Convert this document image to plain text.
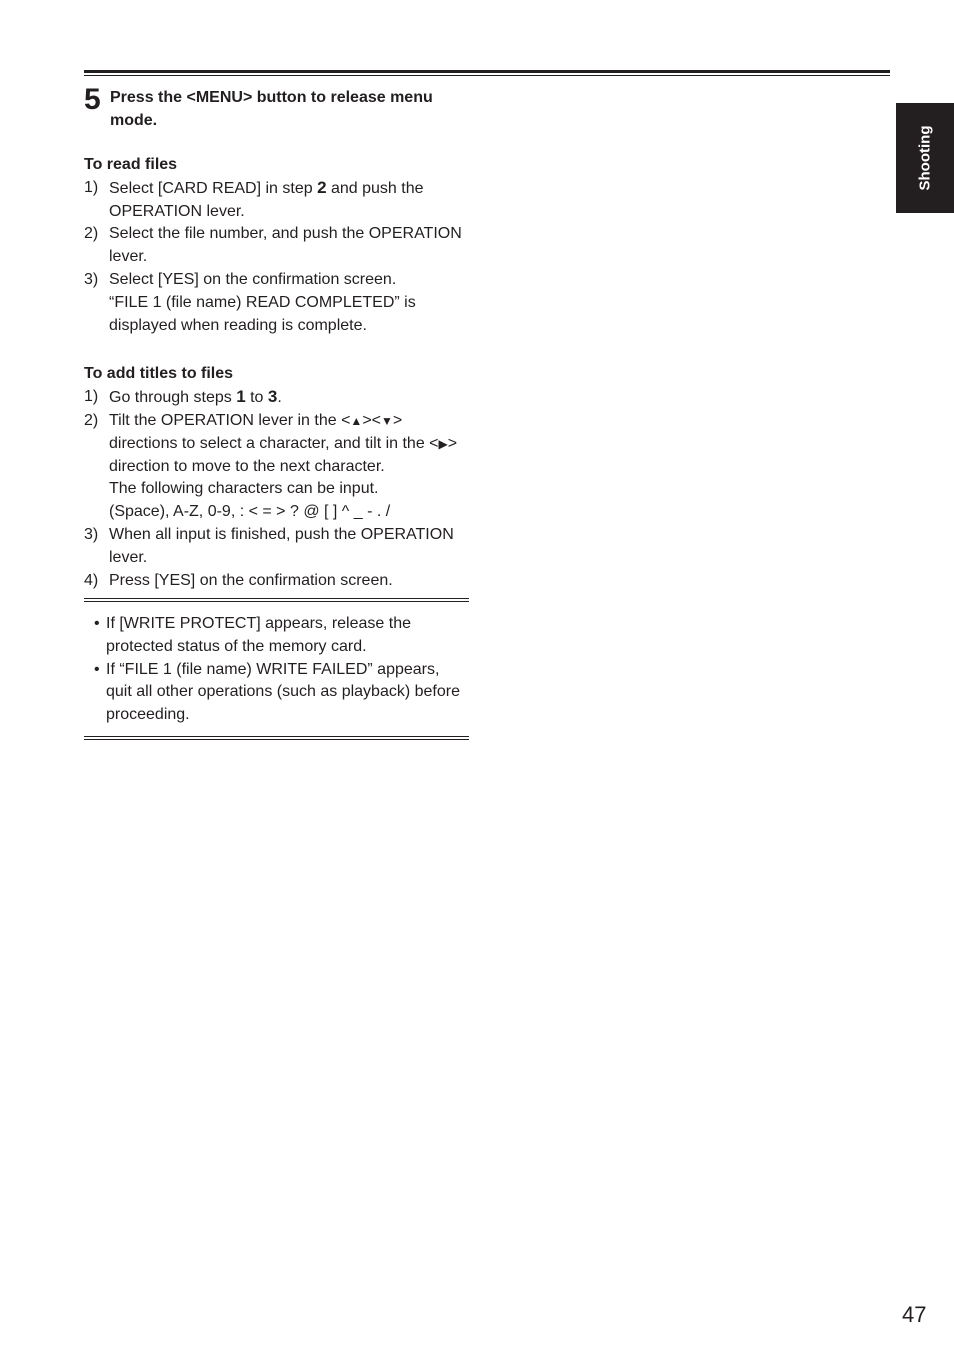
5 Press the <MENU> button to release menu mode.

To read files

1) Select [CARD READ] in step 2 and push the OPERATION lever.
2) Select the file number, and push the OPERATION lever.
3) Select [YES] on the confirmation screen.
“FILE 1 (file name) READ COMPLETED” is displayed when reading is complete.

To add titles to files

1) Go through steps 1 to 3.
2) Tilt the OPERATION lever in the <▲><▼> directions to select a character, and tilt in the <▶> direction to move to the next character.
The following characters can be input.
(Space), A-Z, 0-9, : < = > ? @ [ ] ^ _ - . /
3) When all input is finished, push the OPERATION lever.
4) Press [YES] on the confirmation screen.
• If [WRITE PROTECT] appears, release the protected status of the memory card.
• If “FILE 1 (file name) WRITE FAILED” appears, quit all other operations (such as playback) before proceeding.
Shooting
47
